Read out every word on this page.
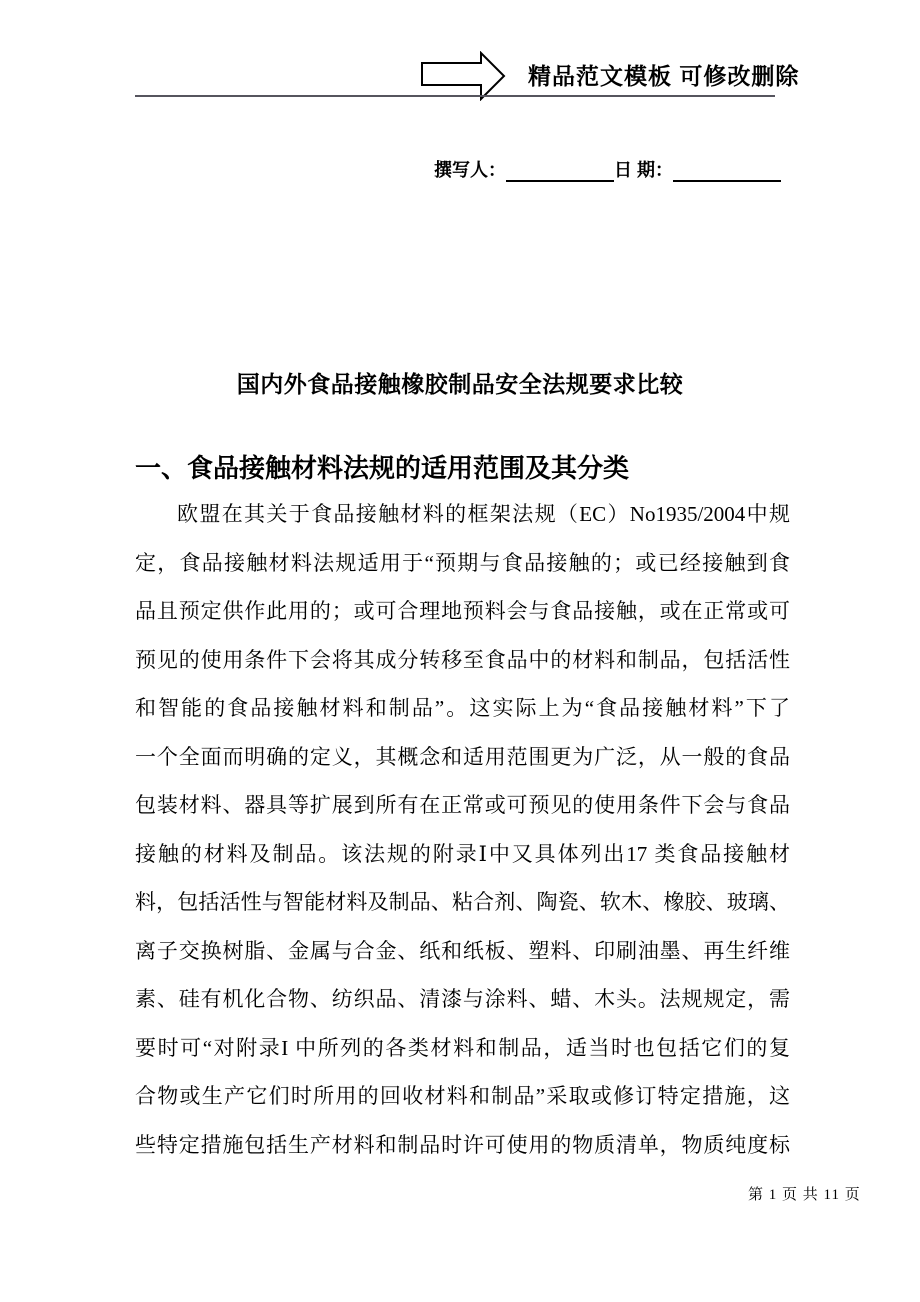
精品范文模板 可修改删除
撰写人：	日 期：
国内外食品接触橡胶制品安全法规要求比较
一、食品接触材料法规的适用范围及其分类
欧盟在其关于食品接触材料的框架法规（EC）No1935/2004中规
定，食品接触材料法规适用于“预期与食品接触的；或已经接触到食
品且预定供作此用的；或可合理地预料会与食品接触，或在正常或可
预见的使用条件下会将其成分转移至食品中的材料和制品，包括活性
和智能的食品接触材料和制品”。这实际上为“食品接触材料”下了
一个全面而明确的定义，其概念和适用范围更为广泛，从一般的食品
包装材料、器具等扩展到所有在正常或可预见的使用条件下会与食品
接触的材料及制品。该法规的附录Ⅰ中又具体列出17 类食品接触材
料，包括活性与智能材料及制品、粘合剂、陶瓷、软木、橡胶、玻璃、
离子交换树脂、金属与合金、纸和纸板、塑料、印刷油墨、再生纤维
素、硅有机化合物、纺织品、清漆与涂料、蜡、木头。法规规定，需
要时可“对附录I 中所列的各类材料和制品，适当时也包括它们的复
合物或生产它们时所用的回收材料和制品”采取或修订特定措施，这
些特定措施包括生产材料和制品时许可使用的物质清单，物质纯度标
第 1 页 共 11 页
